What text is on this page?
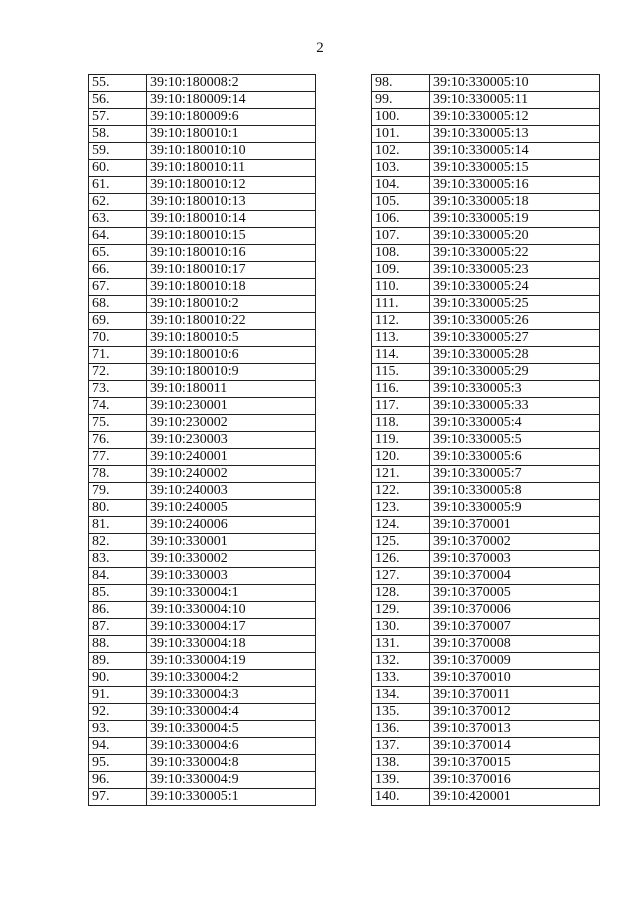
2
55.	39:10:180008:2
56.	39:10:180009:14
57.	39:10:180009:6
58.	39:10:180010:1
59.	39:10:180010:10
60.	39:10:180010:11
61.	39:10:180010:12
62.	39:10:180010:13
63.	39:10:180010:14
64.	39:10:180010:15
65.	39:10:180010:16
66.	39:10:180010:17
67.	39:10:180010:18
68.	39:10:180010:2
69.	39:10:180010:22
70.	39:10:180010:5
71.	39:10:180010:6
72.	39:10:180010:9
73.	39:10:180011
74.	39:10:230001
75.	39:10:230002
76.	39:10:230003
77.	39:10:240001
78.	39:10:240002
79.	39:10:240003
80.	39:10:240005
81.	39:10:240006
82.	39:10:330001
83.	39:10:330002
84.	39:10:330003
85.	39:10:330004:1
86.	39:10:330004:10
87.	39:10:330004:17
88.	39:10:330004:18
89.	39:10:330004:19
90.	39:10:330004:2
91.	39:10:330004:3
92.	39:10:330004:4
93.	39:10:330004:5
94.	39:10:330004:6
95.	39:10:330004:8
96.	39:10:330004:9
97.	39:10:330005:1
98.	39:10:330005:10
99.	39:10:330005:11
100.	39:10:330005:12
101.	39:10:330005:13
102.	39:10:330005:14
103.	39:10:330005:15
104.	39:10:330005:16
105.	39:10:330005:18
106.	39:10:330005:19
107.	39:10:330005:20
108.	39:10:330005:22
109.	39:10:330005:23
110.	39:10:330005:24
111.	39:10:330005:25
112.	39:10:330005:26
113.	39:10:330005:27
114.	39:10:330005:28
115.	39:10:330005:29
116.	39:10:330005:3
117.	39:10:330005:33
118.	39:10:330005:4
119.	39:10:330005:5
120.	39:10:330005:6
121.	39:10:330005:7
122.	39:10:330005:8
123.	39:10:330005:9
124.	39:10:370001
125.	39:10:370002
126.	39:10:370003
127.	39:10:370004
128.	39:10:370005
129.	39:10:370006
130.	39:10:370007
131.	39:10:370008
132.	39:10:370009
133.	39:10:370010
134.	39:10:370011
135.	39:10:370012
136.	39:10:370013
137.	39:10:370014
138.	39:10:370015
139.	39:10:370016
140.	39:10:420001
